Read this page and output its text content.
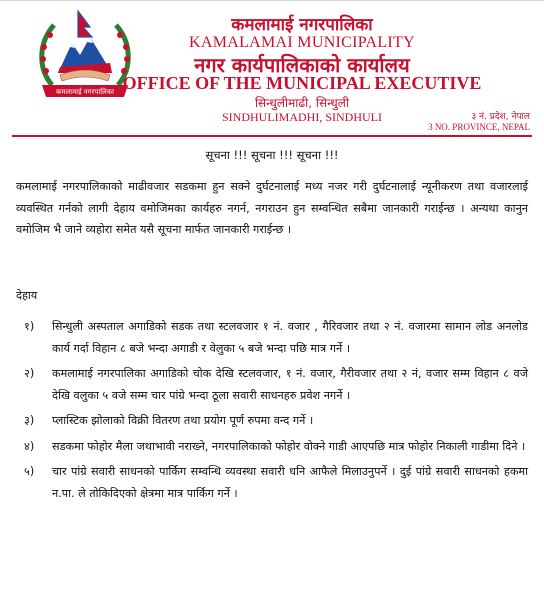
कमलामाई नगरपालिका
कमलामाई नगरपालिका
KAMALAMAI MUNICIPALITY
नगर कार्यपालिकाको कार्यालय
OFFICE OF THE MUNICIPAL EXECUTIVE
सिन्धुलीमाढी, सिन्धुली
SINDHULIMADHI, SINDHULI	३ नं. प्रदेश, नेपाल
3 NO. PROVINCE, NEPAL
सूचना !!! सूचना !!! सूचना !!!
कमलामाई नगरपालिकाको माढीवजार सडकमा हुन सक्ने दुर्घटनालाई मध्य नजर गरी दुर्घटनालाई न्यूनीकरण तथा वजारलाई व्यवस्थित गर्नको लागी देहाय वमोजिमका कार्यहरु नगर्न, नगराउन हुन सम्वन्धित सबैमा जानकारी गराईन्छ । अन्यथा कानुन वमोजिम भै जाने व्यहोरा समेत यसै सूचना मार्फत जानकारी गराईन्छ ।
देहाय
१) सिन्धुली अस्पताल अगाडिको सडक तथा स्टलवजार १ नं. वजार , गैरिवजार तथा २ नं. वजारमा सामान लोड अनलोड कार्य गर्दा विहान ८ बजे भन्दा अगाडी र वेलुका ५ बजे भन्दा पछि मात्र गर्ने ।
२) कमलामाई नगरपालिका अगाडिको चोक देखि स्टलवजार, १ नं. वजार, गैरीवजार तथा २ नं, वजार सम्म विहान ८ वजे देखि वलुका ५ वजे सम्म चार पांग्रे भन्दा ठूला सवारी साधनहरु प्रवेश नगर्ने ।
३) प्लास्टिक झोलाको विक्री वितरण तथा प्रयोग पूर्ण रुपमा वन्द गर्ने ।
४) सडकमा फोहोर मैला जथाभावी नराख्ने, नगरपालिकाको फोहोर वोक्ने गाडी आएपछि मात्र फोहोर निकाली गाडीमा दिने ।
५) चार पांग्रे सवारी साधनको पार्किग सम्वन्धि व्यवस्था सवारी धनि आफैले मिलाउनुपर्ने । दुई पांग्रे सवारी साधनको हकमा न.पा. ले तोकिदिएको क्षेत्रमा मात्र पार्किग गर्ने ।
